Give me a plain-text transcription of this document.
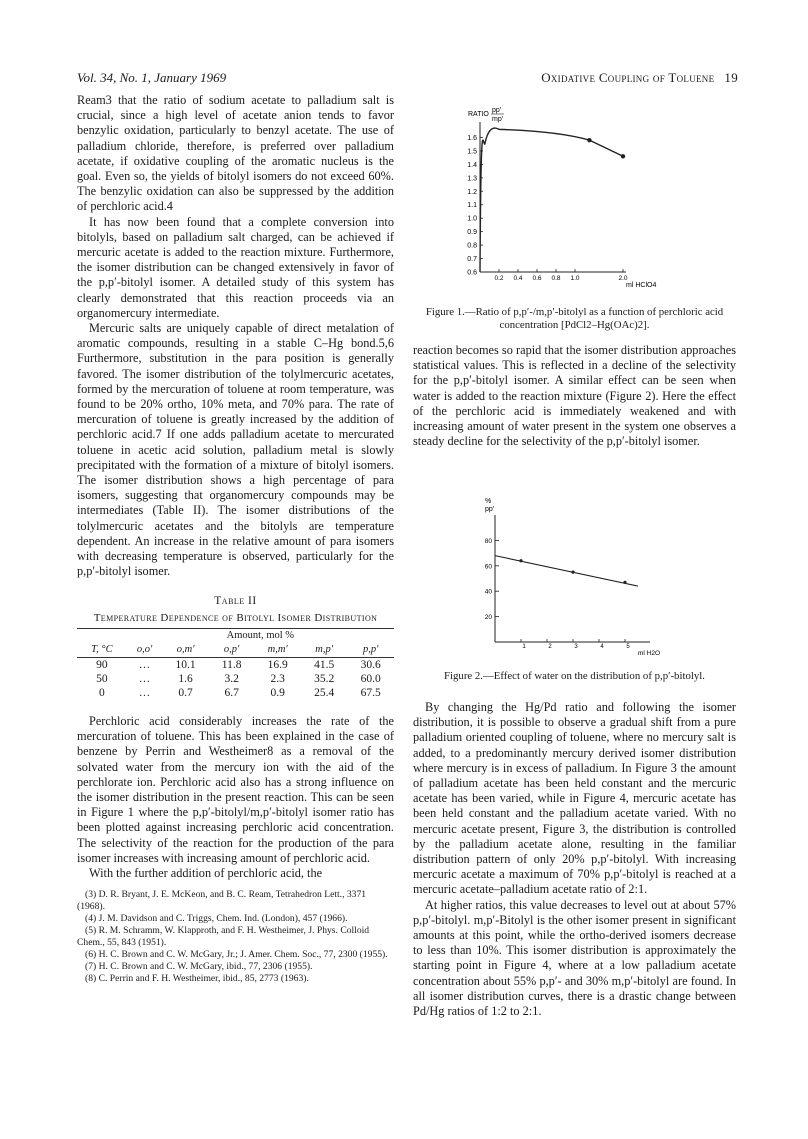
Vol. 34, No. 1, January 1969	Oxidative Coupling of Toluene 19

Ream3 that the ratio of sodium acetate to palladium salt is crucial, since a high level of acetate anion tends to favor benzylic oxidation, particularly to benzyl acetate. The use of palladium chloride, therefore, is preferred over palladium acetate, if oxidative coupling of the aromatic nucleus is the goal. Even so, the yields of bitolyl isomers do not exceed 60%. The benzylic oxidation can also be suppressed by the addition of perchloric acid.4

It has now been found that a complete conversion into bitolyls, based on palladium salt charged, can be achieved if mercuric acetate is added to the reaction mixture. Furthermore, the isomer distribution can be changed extensively in favor of the p,p′-bitolyl isomer. A detailed study of this system has clearly demonstrated that this reaction proceeds via an organomercury intermediate.

Mercuric salts are uniquely capable of direct metalation of aromatic compounds, resulting in a stable C–Hg bond.5,6 Furthermore, substitution in the para position is generally favored. The isomer distribution of the tolylmercuric acetates, formed by the mercuration of toluene at room temperature, was found to be 20% ortho, 10% meta, and 70% para. The rate of mercuration of toluene is greatly increased by the addition of perchloric acid.7 If one adds palladium acetate to mercurated toluene in acetic acid solution, palladium metal is slowly precipitated with the formation of a mixture of bitolyl isomers. The isomer distribution shows a high percentage of para isomers, suggesting that organomercury compounds may be intermediates (Table II). The isomer distributions of the tolylmercuric acetates and the bitolyls are temperature dependent. An increase in the relative amount of para isomers with decreasing temperature is observed, particularly for the p,p′-bitolyl isomer.

Table II
Temperature Dependence of Bitolyl Isomer Distribution

	Amount, mol %					
T, °C	o,o′	o,m′	o,p′	m,m′	m,p′	p,p′

90	…	10.1	11.8	16.9	41.5	30.6
50	…	1.6	3.2	2.3	35.2	60.0
0	…	0.7	6.7	0.9	25.4	67.5

Perchloric acid considerably increases the rate of the mercuration of toluene. This has been explained in the case of benzene by Perrin and Westheimer8 as a removal of the solvated water from the mercury ion with the aid of the perchlorate ion. Perchloric acid also has a strong influence on the isomer distribution in the present reaction. This can be seen in Figure 1 where the p,p′-bitolyl/m,p′-bitolyl isomer ratio has been plotted against increasing perchloric acid concentration. The selectivity of the reaction for the production of the para isomer increases with increasing amount of perchloric acid.

With the further addition of perchloric acid, the

(3) D. R. Bryant, J. E. McKeon, and B. C. Ream, Tetrahedron Lett., 3371 (1968).
(4) J. M. Davidson and C. Triggs, Chem. Ind. (London), 457 (1966).
(5) R. M. Schramm, W. Klapproth, and F. H. Westheimer, J. Phys. Colloid Chem., 55, 843 (1951).
(6) H. C. Brown and C. W. McGary, Jr.; J. Amer. Chem. Soc., 77, 2300 (1955).
(7) H. C. Brown and C. W. McGary, ibid., 77, 2306 (1955).
(8) C. Perrin and F. H. Westheimer, ibid., 85, 2773 (1963).
RATIO
pp′
mp′
0.6
0.7
0.8
0.9
1.0
1.1
1.2
1.3
1.4
1.5
1.6
0.2 0.4 0.6 0.8 1.0	2.0
ml HClO4
Figure 1.—Ratio of p,p′-/m,p′-bitolyl as a function of perchloric acid concentration [PdCl2–Hg(OAc)2].

reaction becomes so rapid that the isomer distribution approaches statistical values. This is reflected in a decline of the selectivity for the p,p′-bitolyl isomer. A similar effect can be seen when water is added to the reaction mixture (Figure 2). Here the effect of the perchloric acid is immediately weakened and with increasing amount of water present in the system one observes a steady decline for the selectivity of the p,p′-bitolyl isomer.

%
pp′
20
40
60
80
1	2	3	4	5
ml H2O
Figure 2.—Effect of water on the distribution of p,p′-bitolyl.

By changing the Hg/Pd ratio and following the isomer distribution, it is possible to observe a gradual shift from a pure palladium oriented coupling of toluene, where no mercury salt is added, to a predominantly mercury derived isomer distribution where mercury is in excess of palladium. In Figure 3 the amount of palladium acetate has been held constant and the mercuric acetate has been varied, while in Figure 4, mercuric acetate has been held constant and the palladium acetate varied. With no mercuric acetate present, Figure 3, the distribution is controlled by the palladium acetate alone, resulting in the familiar distribution pattern of only 20% p,p′-bitolyl. With increasing mercuric acetate a maximum of 70% p,p′-bitolyl is reached at a mercuric acetate–palladium acetate ratio of 2:1.

At higher ratios, this value decreases to level out at about 57% p,p′-bitolyl. m,p′-Bitolyl is the other isomer present in significant amounts at this point, while the ortho-derived isomers decrease to less than 10%. This isomer distribution is approximately the starting point in Figure 4, where at a low palladium acetate concentration about 55% p,p′- and 30% m,p′-bitolyl are found. In all isomer distribution curves, there is a drastic change between Pd/Hg ratios of 1:2 to 2:1.
